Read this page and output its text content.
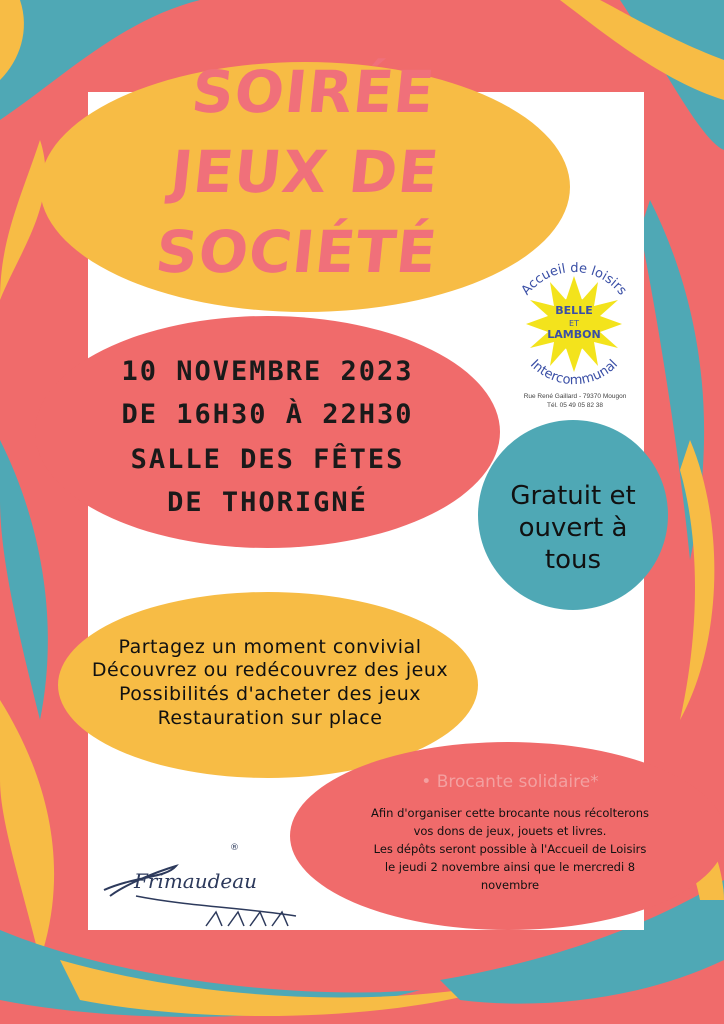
SOIRÉE
JEUX DE
SOCIÉTÉ
Accueil de loisirs
Intercommunal
BELLE
ET
LAMBON
Rue René Gaillard - 79370 Mougon
Tél. 05 49 05 82 38
10 NOVEMBRE 2023
DE 16H30 À 22H30
SALLE DES FÊTES
DE THORIGNÉ	Gratuit et
ouvert à
tous
Partagez un moment convivial
Découvrez ou redécouvrez des jeux
Possibilités d'acheter des jeux
Restauration sur place
• Brocante solidaire*
Afin d'organiser cette brocante nous récolterons
vos dons de jeux, jouets et livres.
Les dépôts seront possible à l'Accueil de Loisirs
le jeudi 2 novembre ainsi que le mercredi 8
novembre
Frimaudeau
®
